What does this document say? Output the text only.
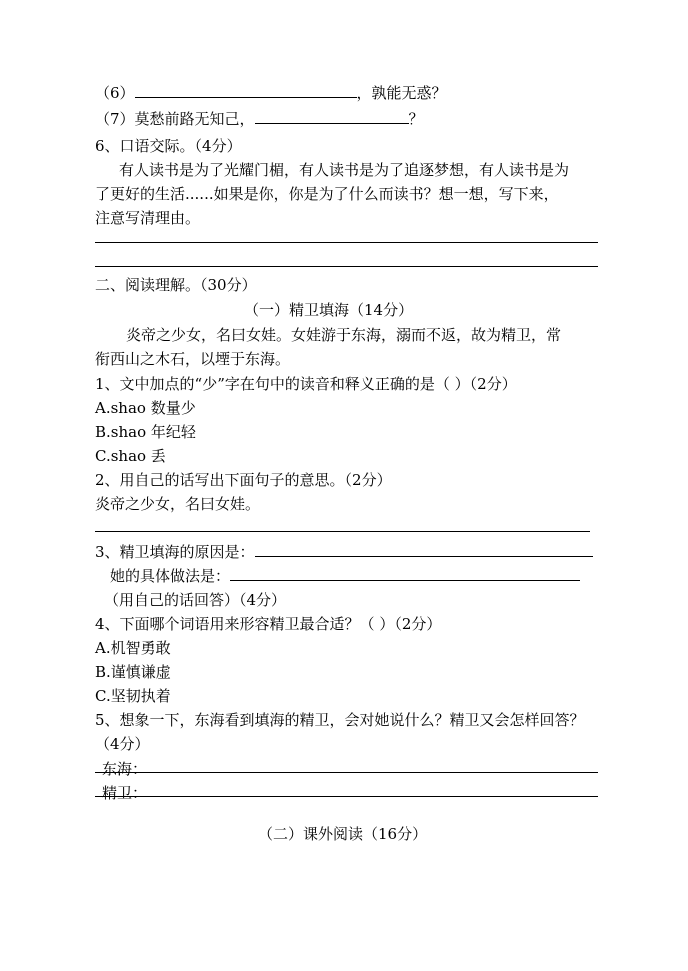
（6）	，孰能无惑？
（7）莫愁前路无知己，	？
6、口语交际。（4分）
有人读书是为了光耀门楣，有人读书是为了追逐梦想，有人读书是为
了更好的生活......如果是你，你是为了什么而读书？想一想，写下来，
注意写清理由。
二、阅读理解。（30分）
（一）精卫填海（14分）
炎帝之少女，名曰女娃。女娃游于东海，溺而不返，故为精卫，常
衔西山之木石，以堙于东海。
1、文中加点的“少”字在句中的读音和释义正确的是（ ）（2分）
A.shao 数量少
B.shao 年纪轻
C.shao 丢
2、用自己的话写出下面句子的意思。（2分）
炎帝之少女，名曰女娃。
3、精卫填海的原因是：
她的具体做法是：
（用自己的话回答）（4分）
4、下面哪个词语用来形容精卫最合适？（ ）（2分）
A.机智勇敢
B.谨慎谦虚
C.坚韧执着
5、想象一下，东海看到填海的精卫，会对她说什么？精卫又会怎样回答？
（4分）
东海：
精卫：
（二）课外阅读（16分）
